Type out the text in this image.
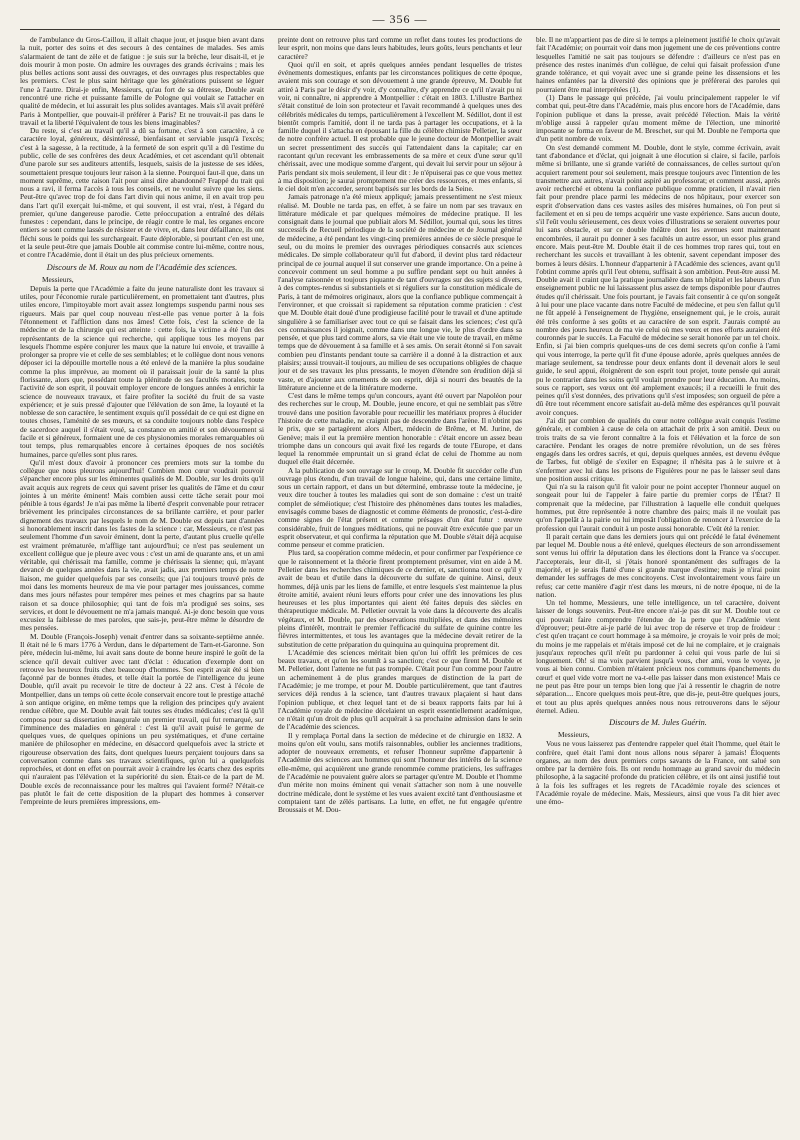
— 356 —

de l'ambulance du Gros-Caillou, il allait chaque jour, et jusque bien avant dans la nuit, porter des soins et des secours à des centaines de malades. Ses amis s'alarmaient de tant de zèle et de fatigue : je suis sur la brèche, leur disait-il, et je dois mourir à mon poste. On admire les ouvrages des grands écrivains ; mais les plus belles actions sont aussi des ouvrages, et des ouvrages plus respectables que les premiers. C'est le plus saint héritage que les générations puissent se léguer l'une à l'autre. Dirai-je enfin, Messieurs, qu'au fort de sa détresse, Double avait rencontré une riche et puissante famille de Pologne qui voulait se l'attacher en qualité de médecin, et lui assurait les plus solides avantages. Mais s'il avait préféré Paris à Montpellier, que pouvait-il préférer à Paris? Et ne trouvait-il pas dans le travail et la liberté l'équivalent de tous les biens imaginables?

Du reste, si c'est au travail qu'il a dû sa fortune, c'est à son caractère, à ce caractère loyal, généreux, désintéressé, bienfaisant et serviable jusqu'à l'excès; c'est à la sagesse, à la rectitude, à la fermeté de son esprit qu'il a dû l'estime du public, celle de ses confrères des deux Académies, et cet ascendant qu'il obtenait d'une parole sur ses auditeurs attentifs, lesquels, saisis de la justesse de ses idées, soumettaient presque toujours leur raison à la sienne. Pourquoi faut-il que, dans un moment suprême, cette raison l'ait pour ainsi dire abandonné? Frappé du trait qui nous a ravi, il ferma l'accès à tous les conseils, et ne voulut suivre que les siens. Peut-être qu'avec trop de foi dans l'art divin qui nous anime, il en avait trop peu dans l'art qu'il exerçait lui-même, et qui souvent, il est vrai, n'est, à l'égard du premier, qu'une dangereuse parodie. Cette préoccupation a entraîné des délais funestes : cependant, dans le principe, de réagir contre le mal, les organes encore entiers se sont comme lassés de résister et de vivre, et, dans leur défaillance, ils ont fléchi sous le poids qui les surchargeait. Faute déplorable, si pourtant c'en est une, et la seule peut-être que jamais Double ait commise contre lui-même, contre nous, et contre l'Académie, dont il était un des plus précieux ornements.

Discours de M. Roux au nom de l'Académie des sciences.

Messieurs,

Depuis la perte que l'Académie a faite du jeune naturaliste dont les travaux si utiles, pour l'économie rurale particulièrement, en promettaient tant d'autres, plus utiles encore, l'impitoyable mort avait assez longtemps suspendu parmi nous ses rigueurs. Mais par quel coup nouveau n'est-elle pas venue porter à la fois l'étonnement et l'affliction dans nos âmes! Cette fois, c'est la science de la médecine et de la chirurgie qui est atteinte : cette fois, la victime a été l'un des représentants de la science qui recherche, qui applique tous les moyens par lesquels l'homme espère conjurer les maux que la nature lui envoie, et travaille à prolonger sa propre vie et celle de ses semblables; et le collègue dont nous venons déposer ici la dépouille mortelle nous a été enlevé de la manière la plus soudaine comme la plus imprévue, au moment où il paraissait jouir de la santé la plus florissante, alors que, possédant toute la plénitude de ses facultés morales, toute l'activité de son esprit, il pouvait employer encore de longues années à enrichir la science de nouveaux travaux, et faire profiter la société du fruit de sa vaste expérience; et je suis pressé d'ajouter que l'élévation de son âme, la loyauté et la noblesse de son caractère, le sentiment exquis qu'il possédait de ce qui est digne en toutes choses, l'aménité de ses mœurs, et sa conduite toujours noble dans l'espèce de sacerdoce auquel il s'était voué, sa constance en amitié et son dévouement si facile et si généreux, formaient une de ces physionomies morales remarquables où tout temps, plus remarquables encore à certaines époques de nos sociétés humaines, parce qu'elles sont plus rares.

Qu'il m'est doux d'avoir à prononcer ces premiers mots sur la tombe du collègue que nous pleurons aujourd'hui! Combien mon cœur voudrait pouvoir s'épancher encore plus sur les éminentes qualités de M. Double, sur les droits qu'il avait acquis aux regrets de ceux qui savent priser les qualités de l'âme et du cœur jointes à un mérite éminent! Mais combien aussi cette tâche serait pour moi pénible à tous égards! Je n'ai pas même la liberté d'esprit convenable pour retracer brièvement les principales circonstances de sa brillante carrière, et pour parler dignement des travaux par lesquels le nom de M. Double est depuis tant d'années si honorablement inscrit dans les fastes de la science : car, Messieurs, ce n'est pas seulement l'homme d'un savoir éminent, dont la perte, d'autant plus cruelle qu'elle est vraiment prématurée, m'afflige tant aujourd'hui; ce n'est pas seulement un excellent collègue que je pleure avec vous : c'est un ami de quarante ans, et un ami véritable, qui chérissait ma famille, comme je chérissais la sienne; qui, m'ayant devancé de quelques années dans la vie, avait jadis, aux premiers temps de notre liaison, me guider quelquefois par ses conseils; que j'ai toujours trouvé près de moi dans les moments heureux de ma vie pour partager mes jouissances, comme dans mes jours néfastes pour tempérer mes peines et mes chagrins par sa haute raison et sa douce philosophie; qui tant de fois m'a prodigué ses soins, ses services, et dont le dévouement ne m'a jamais manqué. Ai-je donc besoin que vous excusiez la faiblesse de mes paroles, que sais-je, peut-être même le désordre de mes pensées.

M. Double (François-Joseph) venait d'entrer dans sa soixante-septième année. Il était né le 6 mars 1776 à Verdun, dans le département de Tarn-et-Garonne. Son père, médecin lui-même, lui avait sans doute de bonne heure inspiré le goût de la science qu'il devait cultiver avec tant d'éclat : éducation d'exemple dont on retrouve les heureux fruits chez beaucoup d'hommes. Son esprit avait été si bien façonné par de bonnes études, et telle était la portée de l'intelligence du jeune Double, qu'il avait pu recevoir le titre de docteur à 22 ans. C'est à l'école de Montpellier, dans un temps où cette école conservait encore tout le prestige attaché à son antique origine, en même temps que la religion des principes qu'y avaient rendue célèbre, que M. Double avait fait toutes ses études médicales; c'est là qu'il composa pour sa dissertation inaugurale un premier travail, qui fut remarqué, sur l'imminence des maladies en général : c'est là qu'il avait puisé le germe de quelques vues, de quelques opinions un peu systématiques, et d'une certaine manière de philosopher en médecine, en désaccord quelquefois avec la stricte et rigoureuse observation des faits, dont quelques lueurs perçaient toujours dans sa conversation comme dans ses travaux scientifiques, qu'on lui a quelquefois reprochées, et dont en effet on pourrait avoir à craindre les écarts chez des esprits qui n'auraient pas l'élévation et la supériorité du sien. Était-ce de la part de M. Double excès de reconnaissance pour les maîtres qui l'avaient formé? N'était-ce pas plutôt le fait de cette disposition de la plupart des hommes à conserver l'empreinte de leurs premières impressions, em-

preinte dont on retrouve plus tard comme un reflet dans toutes les productions de leur esprit, non moins que dans leurs habitudes, leurs goûts, leurs penchants et leur caractère?

Quoi qu'il en soit, et après quelques années pendant lesquelles de tristes événements domestiques, enfants par les circonstances politiques de cette époque, avaient mis son courage et son dévouement à une grande épreuve, M. Double fut attiré à Paris par le désir d'y voir, d'y connaître, d'y apprendre ce qu'il n'avait pu ni voir, ni connaître, ni apprendre à Montpellier : c'était en 1803. L'illustre Barthez s'était constitué de loin son protecteur et l'avait recommandé à quelques unes des célébrités médicales du temps, particulièrement à l'excellent M. Sédillot, dont il est bientôt compris l'amitié, dont il ne tarda pas à partager les occupations, et à la famille duquel il s'attacha en épousant la fille du célèbre chimiste Pelletier, la sœur de notre confrère actuel. Il est probable que le jeune docteur de Montpellier avait un secret pressentiment des succès qui l'attendaient dans la capitale; car en racontant qu'un recevant les embrassements de sa mère et ceux d'une sœur qu'il chérissait, avec une modique somme d'argent, qui devait lui servir pour un séjour à Paris pendant six mois seulement, il leur dit : Je n'épuiserai pas ce que vous mettez à ma disposition; je saurai promptement me créer des ressources, et mes enfants, si le ciel doit m'en accorder, seront baptisés sur les bords de la Seine.

Jamais patronage n'a été mieux appliqué; jamais pressentiment ne s'est mieux réalisé. M. Double ne tarda pas, en effet, à se faire un nom par ses travaux en littérature médicale et par quelques mémoires de médecine pratique. Il les consignait dans le journal que publiait alors M. Sédillot, journal qui, sous les titres successifs de Recueil périodique de la société de médecine et de Journal général de médecine, a été pendant les vingt-cinq premières années de ce siècle presque le seul, ou du moins le premier des ouvrages périodiques consacrés aux sciences médicales. De simple collaborateur qu'il fut d'abord, il devint plus tard rédacteur principal de ce journal auquel il sut conserver une grande importance. On a peine à concevoir comment un seul homme a pu suffire pendant sept ou huit années à l'analyse raisonnée et toujours piquante de tant d'ouvrages sur des sujets si divers, à des comptes-rendus si substantiels et si réguliers sur la constitution médicale de Paris, à tant de mémoires originaux, alors que la confiance publique commençait à l'environner, et que croissait si rapidement sa réputation comme praticien : c'est que M. Double était doué d'une prodigieuse facilité pour le travail et d'une aptitude singulière à se familiariser avec tout ce qui se faisait dans les sciences; c'est qu'à ces connaissances il joignait, comme dans une longue vie, le plus d'ordre dans sa pensée, et que plus tard comme alors, sa vie était une vie toute de travail, en même temps que de dévouement à sa famille et à ses amis. On serait étonné si l'on savait combien peu d'instants pendant toute sa carrière il a donné à la distraction et aux plaisirs; aussi trouvait-il toujours, au milieu de ses occupations obligées de chaque jour et de ses travaux les plus pressants, le moyen d'étendre son érudition déjà si vaste, et d'ajouter aux ornements de son esprit, déjà si nourri des beautés de la littérature ancienne et de la littérature moderne.

C'est dans le même temps qu'un concours, ayant été ouvert par Napoléon pour des recherches sur le croup, M. Double, jeune encore, et qui ne semblait pas s'être trouvé dans une position favorable pour recueillir les matériaux propres à élucider l'histoire de cette maladie, ne craignit pas de descendre dans l'arène. Il n'obtint pas le prix, que se partagèrent alors Albert, médecin de Brême, et M. Jurine, de Genève; mais il eut la première mention honorable : c'était encore un assez beau triomphe dans un concours qui avait fixé les regards de toute l'Europe, et dans lequel la renommée empruntait un si grand éclat de celui de l'homme au nom duquel elle était décernée.

A la publication de son ouvrage sur le croup, M. Double fit succéder celle d'un ouvrage plus étendu, d'un travail de longue haleine, qui, dans une certaine limite, sous un certain rapport, et dans un but déterminé, embrasse toute la médecine, je veux dire toucher à toutes les maladies qui sont de son domaine : c'est un traité complet de séméiotique; c'est l'histoire des phénomènes dans toutes les maladies, envisagés comme bases de diagnostic et comme éléments de pronostic, c'est-à-dire comme signes de l'état présent et comme présages d'un état futur : œuvre considérable, fruit de longues méditations, qui ne pouvait être exécutée que par un esprit observateur, et qui confirma la réputation que M. Double s'était déjà acquise comme penseur et comme praticien.

Plus tard, sa coopération comme médecin, et pour confirmer par l'expérience ce que le raisonnement et la théorie firent promptement présumer, vint en aide à M. Pelletier dans les recherches chimiques de ce dernier, et, sanctionna tout ce qu'il y avait de beau et d'utile dans la découverte du sulfate de quinine. Ainsi, deux hommes, déjà unis par les liens de famille, et entre lesquels s'est maintenue la plus étroite amitié, avaient réuni leurs efforts pour créer une des innovations les plus heureuses et les plus importantes qui aient été faites depuis des siècles en thérapeutique médicale. M. Pelletier ouvrait la voie dans la découverte des alcalis végétaux, et M. Double, par des observations multipliées, et dans des mémoires pleins d'intérêt, montrait le premier l'efficacité du sulfate de quinine contre les fièvres intermittentes, et tous les avantages que la médecine devait retirer de la substitution de cette préparation du quinquina au quinquina proprement dit.

L'Académie des sciences méritait bien qu'on lui offrît les prémices de ces beaux travaux, et qu'on les soumît à sa sanction; c'est ce que firent M. Double et M. Pelletier, dont l'attente ne fut pas trompée. C'était pour l'un comme pour l'autre un acheminement à de plus grandes marques de distinction de la part de l'Académie; je me trompe, et pour M. Double particulièrement, que tant d'autres services déjà rendus à la science, tant d'autres travaux plaçaient si haut dans l'opinion publique, et chez lequel tant et de si beaux rapports faits par lui à l'Académie royale de médecine décelaient un esprit essentiellement académique, ce n'était qu'un droit de plus qu'il acquérait à sa prochaine admission dans le sein de l'Académie des sciences.

Il y remplaça Portal dans la section de médecine et de chirurgie en 1832. A moins qu'on eût voulu, sans motifs raisonnables, oublier les anciennes traditions, adopter de nouveaux errements, et refuser l'honneur suprême d'appartenir à l'Académie des sciences aux hommes qui sont l'honneur des intérêts de la science elle-même, qui acquièrent une grande renommée comme praticiens, les suffrages de l'Académie ne pouvaient guère alors se partager qu'entre M. Double et l'homme d'un mérite non moins éminent qui venait s'attacher son nom à une nouvelle doctrine médicale, dont le système et les vues avaient excité tant d'enthousiasme et comptaient tant de zélés partisans. La lutte, en effet, ne fut engagée qu'entre Broussais et M. Dou-

ble. Il ne m'appartient pas de dire si le temps a pleinement justifié le choix qu'avait fait l'Académie; on pourrait voir dans mon jugement une de ces préventions contre lesquelles l'amitié ne sait pas toujours se défendre : d'ailleurs ce n'est pas en présence des restes inanimés d'un collègue, de celui qui faisait profession d'une grande tolérance, et qui voyait avec une si grande peine les dissensions et les haines enfantées par la diversité des opinions que je préférerai des paroles qui pourraient être mal interprétées (1).

(1) Dans le passage qui précède, j'ai voulu principalement rappeler le vif combat qui, peut-être dans l'Académie, mais plus encore hors de l'Académie, dans l'opinion publique et dans la presse, avait précédé l'élection. Mais la vérité m'oblige aussi à rappeler qu'au moment même de l'élection, une minorité imposante se forma en faveur de M. Breschet, sur qui M. Double ne l'emporta que d'un petit nombre de voix.

On s'est demandé comment M. Double, dont le style, comme écrivain, avait tant d'abondance et d'éclat, qui joignait à une élocution si claire, si facile, parfois même si brillante, une si grande variété de connaissances, de celles surtout qu'on acquiert rarement pour soi seulement, mais presque toujours avec l'intention de les transmettre aux autres, n'avait point aspiré au professorat; et comment aussi, après avoir recherché et obtenu la confiance publique comme praticien, il n'avait rien fait pour prendre place parmi les médecins de nos hôpitaux, pour exercer son esprit d'observation dans ces vastes asiles des misères humaines, où l'on peut si facilement et en si peu de temps acquérir une vaste expérience. Sans aucun doute, s'il l'eût voulu sérieusement, ces deux voies d'illustrations se seraient ouvertes pour lui sans obstacle, et sur ce double théâtre dont les avenues sont maintenant encombrées, il aurait pu donner à ses facultés un autre essor, un essor plus grand encore. Mais peut-être M. Double était il de ces hommes trop rares qui, tout en recherchant les succès et travaillant à les obtenir, savent cependant imposer des bornes à leurs désirs. L'honneur d'appartenir à l'Académie des sciences, avant qu'il l'obtint comme après qu'il l'eut obtenu, suffisait à son ambition. Peut-être aussi M. Double avait il craint que la pratique journalière dans un hôpital et les labeurs d'un enseignement public ne lui laissassent plus assez de temps disponible pour d'autres études qu'il chérissait. Une fois pourtant, je l'avais fait consentir à ce qu'on songeât à lui pour une place vacante dans notre Faculté de médecine, et peu s'en fallut qu'il ne fût appelé à l'enseignement de l'hygiène, enseignement qui, je le crois, aurait été très conforme à ses goûts et au caractère de son esprit. J'aurais compté au nombre des jours heureux de ma vie celui où mes vœux et mes efforts auraient été couronnés par le succès. La Faculté de médecine se serait honorée par un tel choix. Enfin, si j'ai bien compris quelques-uns de ces demi secrets qu'on confie à l'ami qui vous interroge, la perte qu'il fit d'une épouse adorée, après quelques années de mariage seulement, sa tendresse pour deux enfants dont il devenait alors le seul guide, le seul appui, éloignèrent de son esprit tout projet, toute pensée qui aurait pu le contrarier dans les soins qu'il voulait prendre pour leur éducation. Au moins, sous ce rapport, ses vœux ont été amplement exaucés; il a recueilli le fruit des peines qu'il s'est données, des privations qu'il s'est imposées; son orgueil de père a dû être tout récemment encore satisfait au-delà même des espérances qu'il pouvait avoir conçues.

J'ai dit par combien de qualités du cœur notre collègue avait conquis l'estime générale, et combien à cause de cela on attachait de prix à son amitié. Deux ou trois traits de sa vie feront connaître à la fois et l'élévation et la force de son caractère. Pendant les orages de notre première révolution, un de ses frères engagés dans les ordres sacrés, et qui, depuis quelques années, est devenu évêque de Tarbes, fut obligé de s'exiler en Espagne; il n'hésita pas à le suivre et à s'enfermer avec lui dans les prisons de Figuières pour ne pas le laisser seul dans une position aussi critique.

Qui n'a su la raison qu'il fit valoir pour ne point accepter l'honneur auquel on songeait pour lui de l'appeler à faire partie du premier corps de l'État? Il comprenait que la médecine, par l'illustration à laquelle elle conduit quelques hommes, put être représentée à notre chambre des pairs; mais il ne voulait pas qu'on l'appelât à la pairie ou lui imposât l'obligation de renoncer à l'exercice de la profession qui l'aurait conduit à un poste aussi honorable. C'eût été la renier.

Il parait certain que dans les derniers jours qui ont précédé le fatal événement par lequel M. Double nous a été enlevé, quelques électeurs de son arrondissement sont venus lui offrir la députation dans les élections dont la France va s'occuper. J'accepterais, leur dit-il, si j'étais honoré spontanément des suffrages de la majorité, et je serais flatté d'une si grande marque d'estime; mais je n'irai point demander les suffrages de mes concitoyens. C'est involontairement vous faire un refus; car cette manière d'agir n'est dans les mœurs, ni de notre époque, ni de la nation.

Un tel homme, Messieurs, une telle intelligence, un tel caractère, doivent laisser de longs souvenirs. Peut-être encore n'ai-je pas dit sur M. Double tout ce qui pouvait faire comprendre l'étendue de la perte que l'Académie vient d'éprouver; peut-être ai-je parlé de lui avec trop de réserve et trop de froideur : c'est qu'en traçant ce court hommage à sa mémoire, je croyais le voir près de moi; du moins je me rappelais et m'étais imposé cet de lui ne complaire, et je craignais jusqu'aux reproches qu'il n'eût pu pardonner à celui qui vous parle de lui si longuement. Oh! si ma voix parvient jusqu'à vous, cher ami, vous le voyez, je vous ai bien connu. Combien m'étaient précieux nos communs épanchements du cœur! et quel vide votre mort ne va-t-elle pas laisser dans mon existence! Mais ce ne peut pas être pour un temps bien long que j'ai à ressentir le chagrin de notre séparation.... Encore quelques mois peut-être, que dis-je, peut-être quelques jours, et tout au plus après quelques années nous nous retrouverons dans le séjour éternel. Adieu.

Discours de M. Jules Guérin.

Messieurs,

Vous ne vous laisserez pas d'entendre rappeler quel était l'homme, quel était le confrère, quel était l'ami dont nous allons nous séparer à jamais! Éloquents organes, au nom des deux premiers corps savants de la France, ont salué son ombre par la dernière fois. Ils ont rendu hommage au grand savoir du médecin philosophe, à la sagacité profonde du praticien célèbre, et ils ont ainsi justifié tout à la fois les suffrages et les regrets de l'Académie royale des sciences et l'Académie royale de médecine. Mais, Messieurs, ainsi que vous l'a dit hier avec une émo-
